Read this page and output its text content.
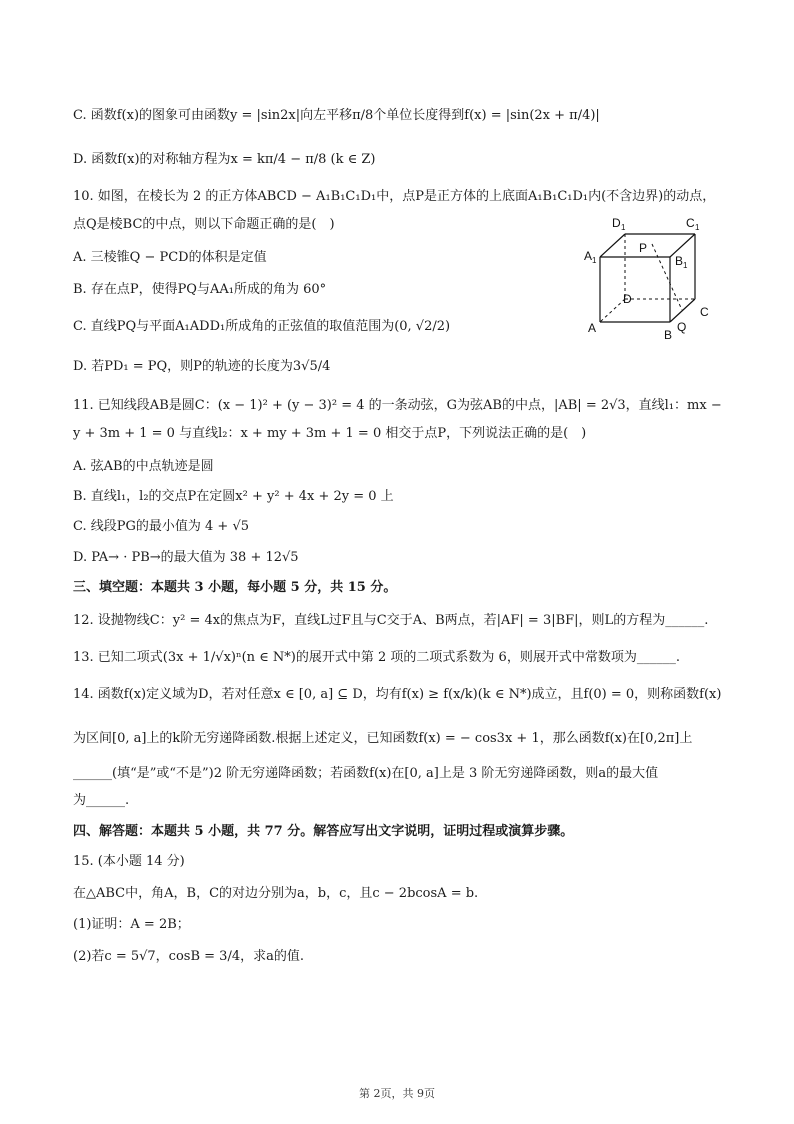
C. 函数f(x)的图象可由函数y = |sin2x|向左平移π/8个单位长度得到f(x) = |sin(2x + π/4)|
D. 函数f(x)的对称轴方程为x = kπ/4 − π/8 (k ∈ Z)
10. 如图，在棱长为 2 的正方体ABCD − A₁B₁C₁D₁中，点P是正方体的上底面A₁B₁C₁D₁内(不含边界)的动点，
点Q是棱BC的中点，则以下命题正确的是(　)
A. 三棱锥Q − PCD的体积是定值
B. 存在点P，使得PQ与AA₁所成的角为 60°
C. 直线PQ与平面A₁ADD₁所成角的正弦值的取值范围为(0, √2/2)
D. 若PD₁ = PQ，则P的轨迹的长度为3√5/4
11. 已知线段AB是圆C：(x − 1)² + (y − 3)² = 4 的一条动弦，G为弦AB的中点，|AB| = 2√3，直线l₁：mx −
y + 3m + 1 = 0 与直线l₂：x + my + 3m + 1 = 0 相交于点P，下列说法正确的是(　)
A. 弦AB的中点轨迹是圆
B. 直线l₁，l₂的交点P在定圆x² + y² + 4x + 2y = 0 上
C. 线段PG的最小值为 4 + √5
D. PA→ · PB→的最大值为 38 + 12√5
三、填空题：本题共 3 小题，每小题 5 分，共 15 分。
12. 设抛物线C：y² = 4x的焦点为F，直线L过F且与C交于A、B两点，若|AF| = 3|BF|，则L的方程为______.
13. 已知二项式(3x + 1/√x)ⁿ(n ∈ N*)的展开式中第 2 项的二项式系数为 6，则展开式中常数项为______.
14. 函数f(x)定义域为D，若对任意x ∈ [0, a] ⊆ D，均有f(x) ≥ f(x/k)(k ∈ N*)成立，且f(0) = 0，则称函数f(x)
为区间[0, a]上的k阶无穷递降函数.根据上述定义，已知函数f(x) = − cos3x + 1，那么函数f(x)在[0,2π]上
______(填“是”或“不是”)2 阶无穷递降函数；若函数f(x)在[0, a]上是 3 阶无穷递降函数，则a的最大值
为______.
四、解答题：本题共 5 小题，共 77 分。解答应写出文字说明，证明过程或演算步骤。
15. (本小题 14 分)
在△ABC中，角A，B，C的对边分别为a，b，c，且c − 2bcosA = b.
(1)证明：A = 2B；
(2)若c = 5√7，cosB = 3/4，求a的值.
D 1	C 1
A 1
P
B 1
D
C
A	Q
B
第 2页，共 9页
